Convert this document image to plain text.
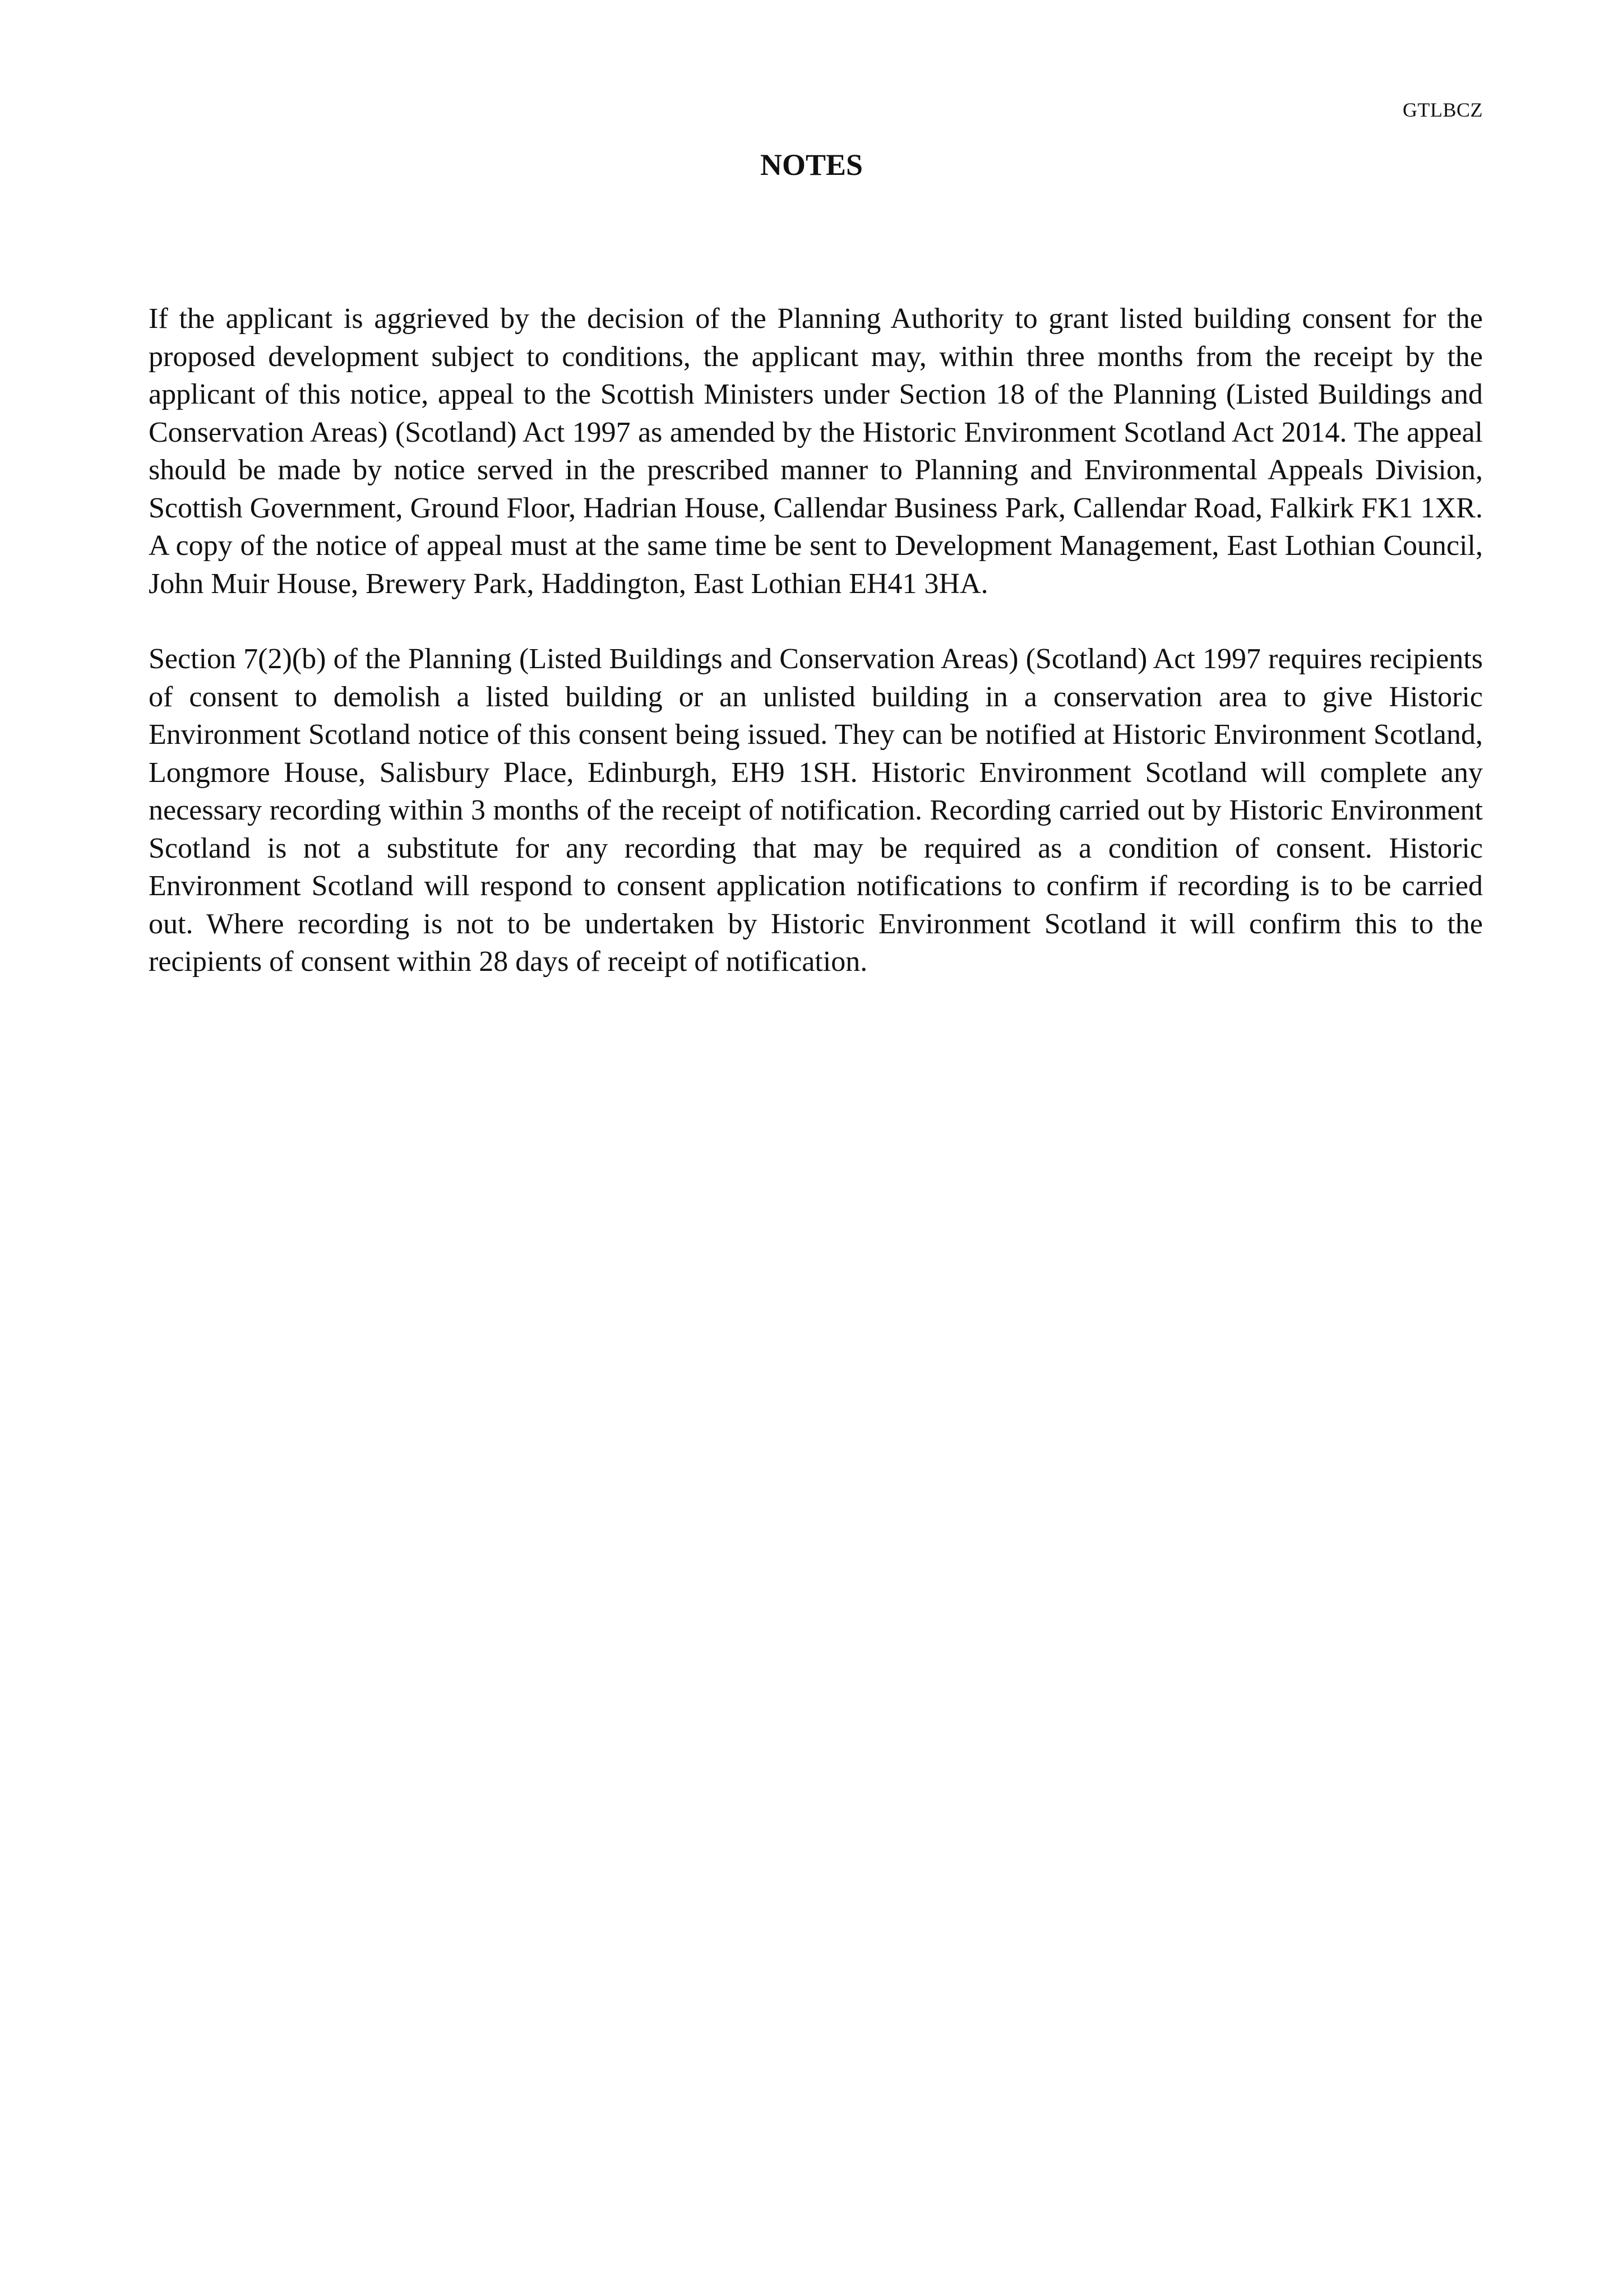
GTLBCZ
NOTES

If the applicant is aggrieved by the decision of the Planning Authority to grant listed building consent for the proposed development subject to conditions, the applicant may, within three months from the receipt by the applicant of this notice, appeal to the Scottish Ministers under Section 18 of the Planning (Listed Buildings and Conservation Areas) (Scotland) Act 1997 as amended by the Historic Environment Scotland Act 2014. The appeal should be made by notice served in the prescribed manner to Planning and Environmental Appeals Division, Scottish Government, Ground Floor, Hadrian House, Callendar Business Park, Callendar Road, Falkirk FK1 1XR. A copy of the notice of appeal must at the same time be sent to Development Management, East Lothian Council, John Muir House, Brewery Park, Haddington, East Lothian EH41 3HA.

Section 7(2)(b) of the Planning (Listed Buildings and Conservation Areas) (Scotland) Act 1997 requires recipients of consent to demolish a listed building or an unlisted building in a conservation area to give Historic Environment Scotland notice of this consent being issued. They can be notified at Historic Environment Scotland, Longmore House, Salisbury Place, Edinburgh, EH9 1SH. Historic Environment Scotland will complete any necessary recording within 3 months of the receipt of notification. Recording carried out by Historic Environment Scotland is not a substitute for any recording that may be required as a condition of consent. Historic Environment Scotland will respond to consent application notifications to confirm if recording is to be carried out. Where recording is not to be undertaken by Historic Environment Scotland it will confirm this to the recipients of consent within 28 days of receipt of notification.
